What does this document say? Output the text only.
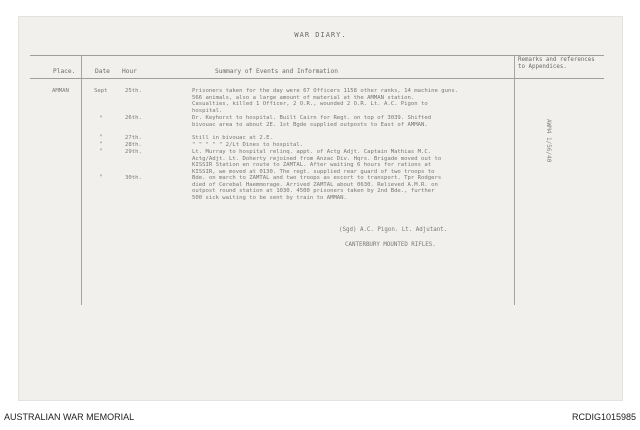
WAR DIARY.
Place.	Date Hour	Summary of Events and Information
Remarks and references to Appendices.
AMMAN	Sept	25th.	Prisoners taken for the day were 67 Officers 1158 other ranks, 14 machine guns.
566 animals, also a large amount of material at the AMMAN station.
Casualties, killed 1 Officer, 2 O.R., wounded 2 O.R. Lt. A.C. Pigon to
hospital.
"	26th.	Dr. Keyhorst to hospital. Built Cairn for Regt. on top of 3039. Shifted
bivouac area to about 2E. 1st Bgde supplied outposts to East of AMMAN.
"	27th.	Still in bivouac at 2.E.
"	28th.	" " " " " 2/Lt Dines to hospital.
"	29th.	Lt. Murray to hospital relinq. appt. of Actg Adjt. Captain Mathias M.C.
Actg/Adjt. Lt. Doherty rejoined from Anzac Div. Hqrs. Brigade moved out to
KISSIR Station en route to ZAMTAL. After waiting 6 hours for rations at
KISSIR, we moved at 0130. The regt. supplied rear guard of two troops to
"	30th.	Bde. on march to ZAMTAL and two troops as escort to transport. Tpr Rodgers
died of Cerebal Haemmorage. Arrived ZAMTAL about 0630. Relieved A.M.R. on
outpost round station at 1030. 4500 prisoners taken by 2nd Bde., further
500 sick waiting to be sent by train to AMMAN.
AWM4 1/56/40
(Sgd) A.C. Pigon. Lt. Adjutant.
CANTERBURY MOUNTED RIFLES.
AUSTRALIAN WAR MEMORIAL	RCDIG1015985
